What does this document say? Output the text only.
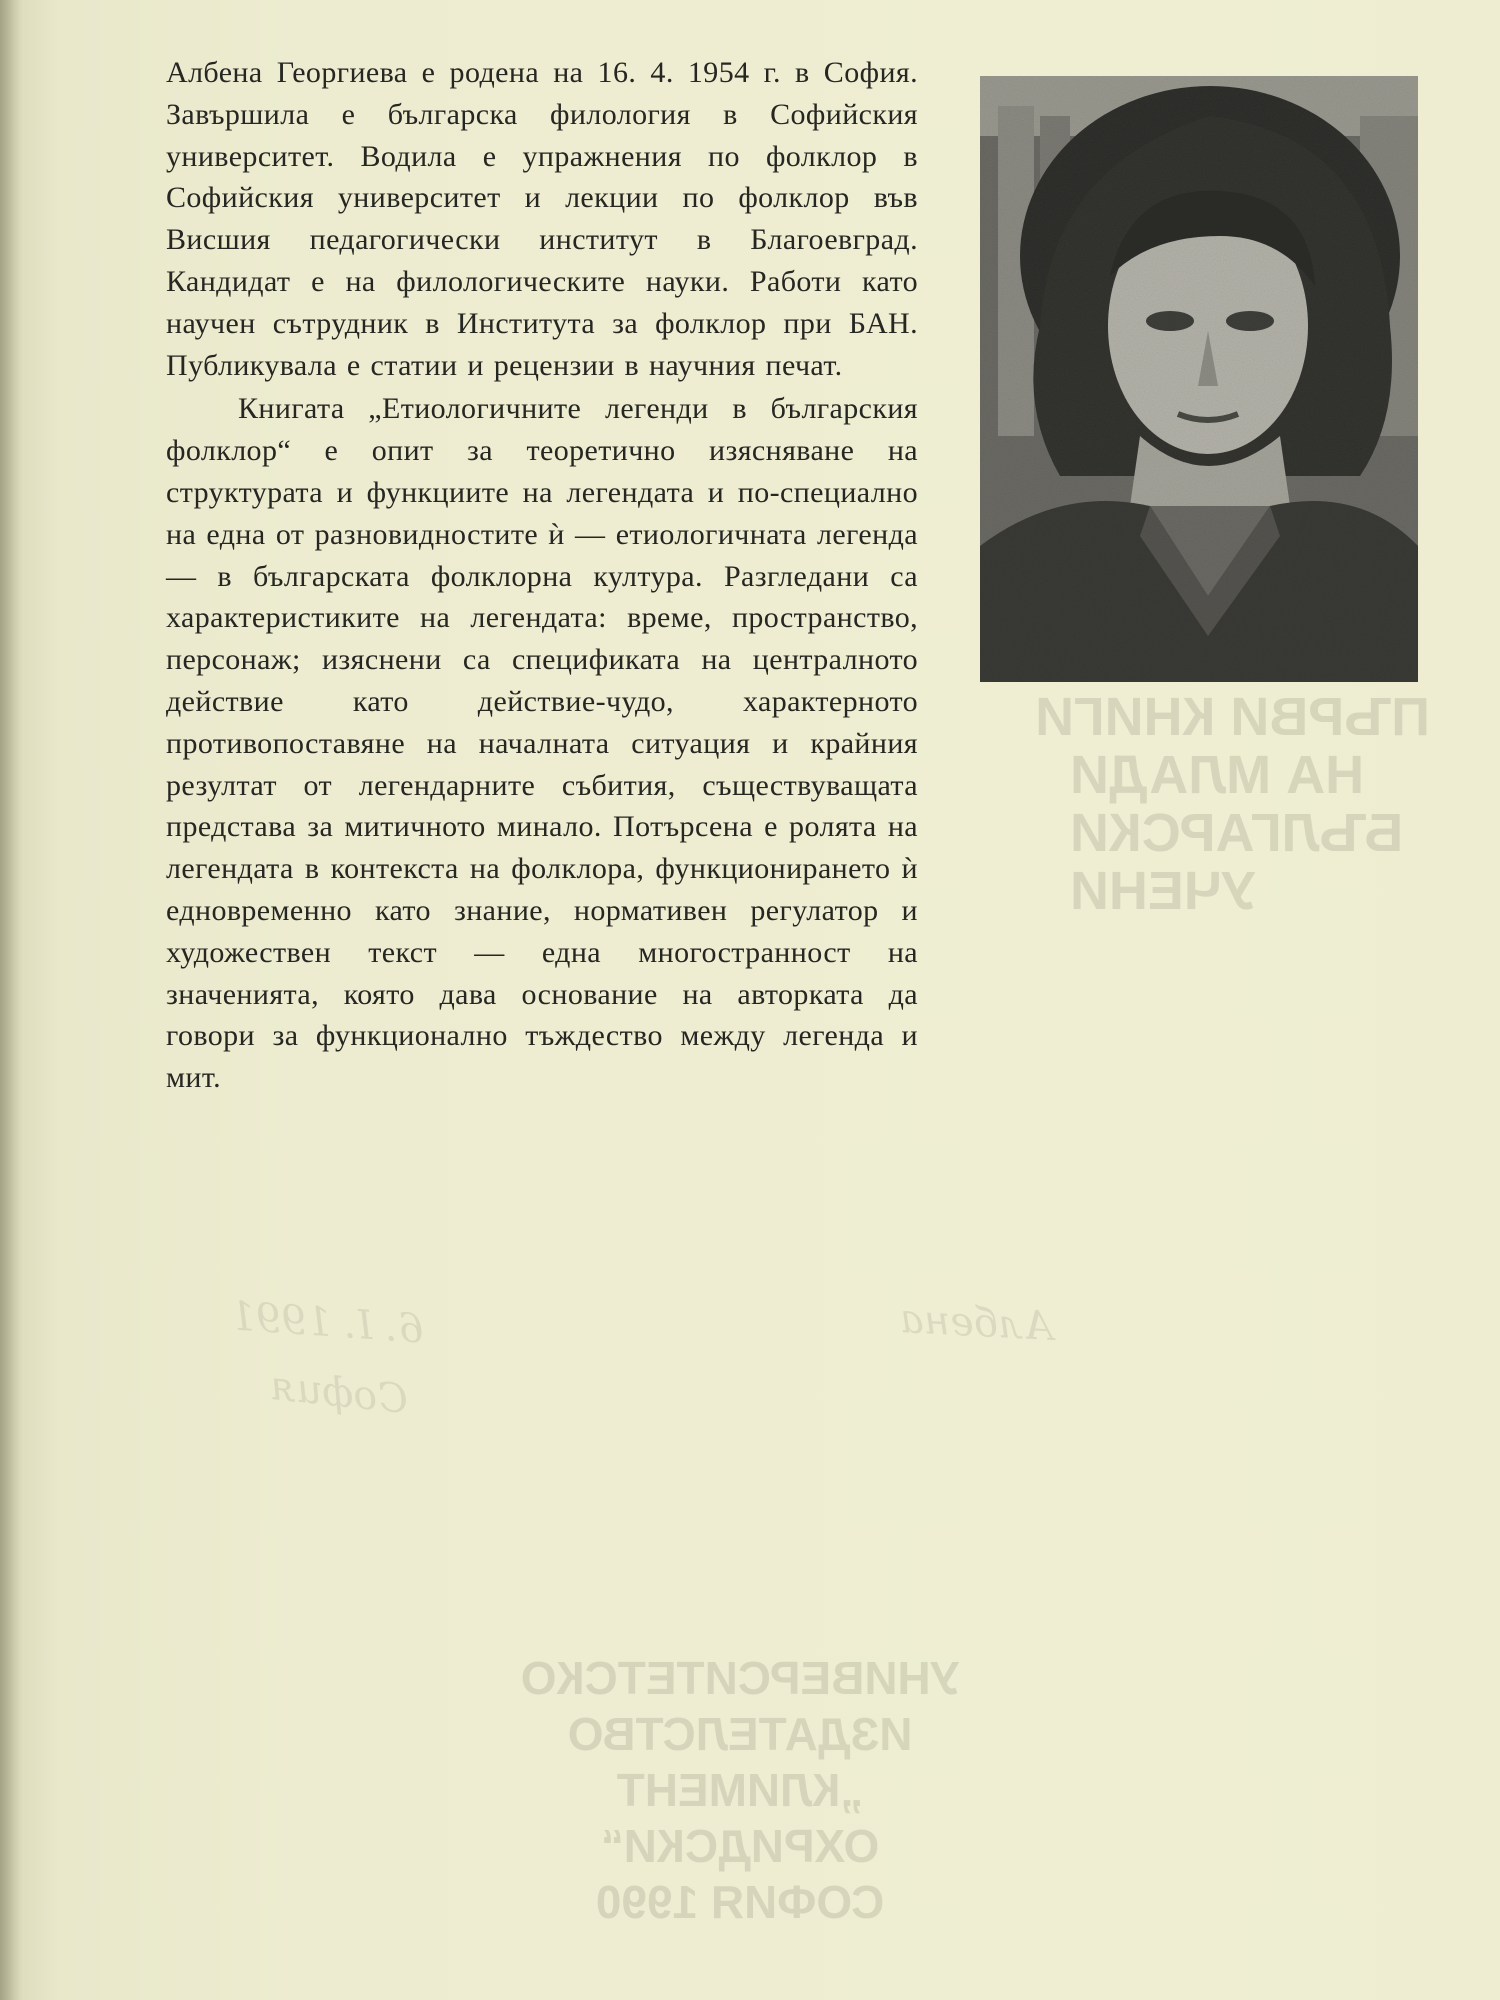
ПЪРВИ КНИГИ
НА МЛАДИ
БЪЛГАРСКИ
УЧЕНИ
УНИВЕРСИТЕТСКО
ИЗДАТЕЛСТВО
„КЛИМЕНТ
ОХРИДСКИ“
СОФИЯ 1990
6. I. 1991
София
Албена

Албена Георгиева е родена на 16. 4. 1954 г. в София. Завършила е българска филология в Софийския университет. Водила е упражнения по фолклор в Софийския университет и лекции по фолклор във Висшия педагогически институт в Благоевград. Кандидат е на филологическите науки. Работи като научен сътрудник в Института за фолклор при БАН. Публикувала е статии и рецензии в научния печат.

Книгата „Етиологичните легенди в българския фолклор“ е опит за теоретично изясняване на структурата и функциите на легендата и по-специално на една от разновидностите ѝ — етиологичната легенда — в българската фолклорна култура. Разгледани са характеристиките на легендата: време, пространство, персонаж; изяснени са спецификата на централното действие като действие-чудо, характерното противопоставяне на началната ситуация и крайния резултат от легендарните събития, съществуващата представа за митичното минало. Потърсена е ролята на легендата в контекста на фолклора, функционирането ѝ едновременно като знание, нормативен регулатор и художествен текст — една многостранност на значенията, която дава основание на авторката да говори за функционално тъждество между легенда и мит.
